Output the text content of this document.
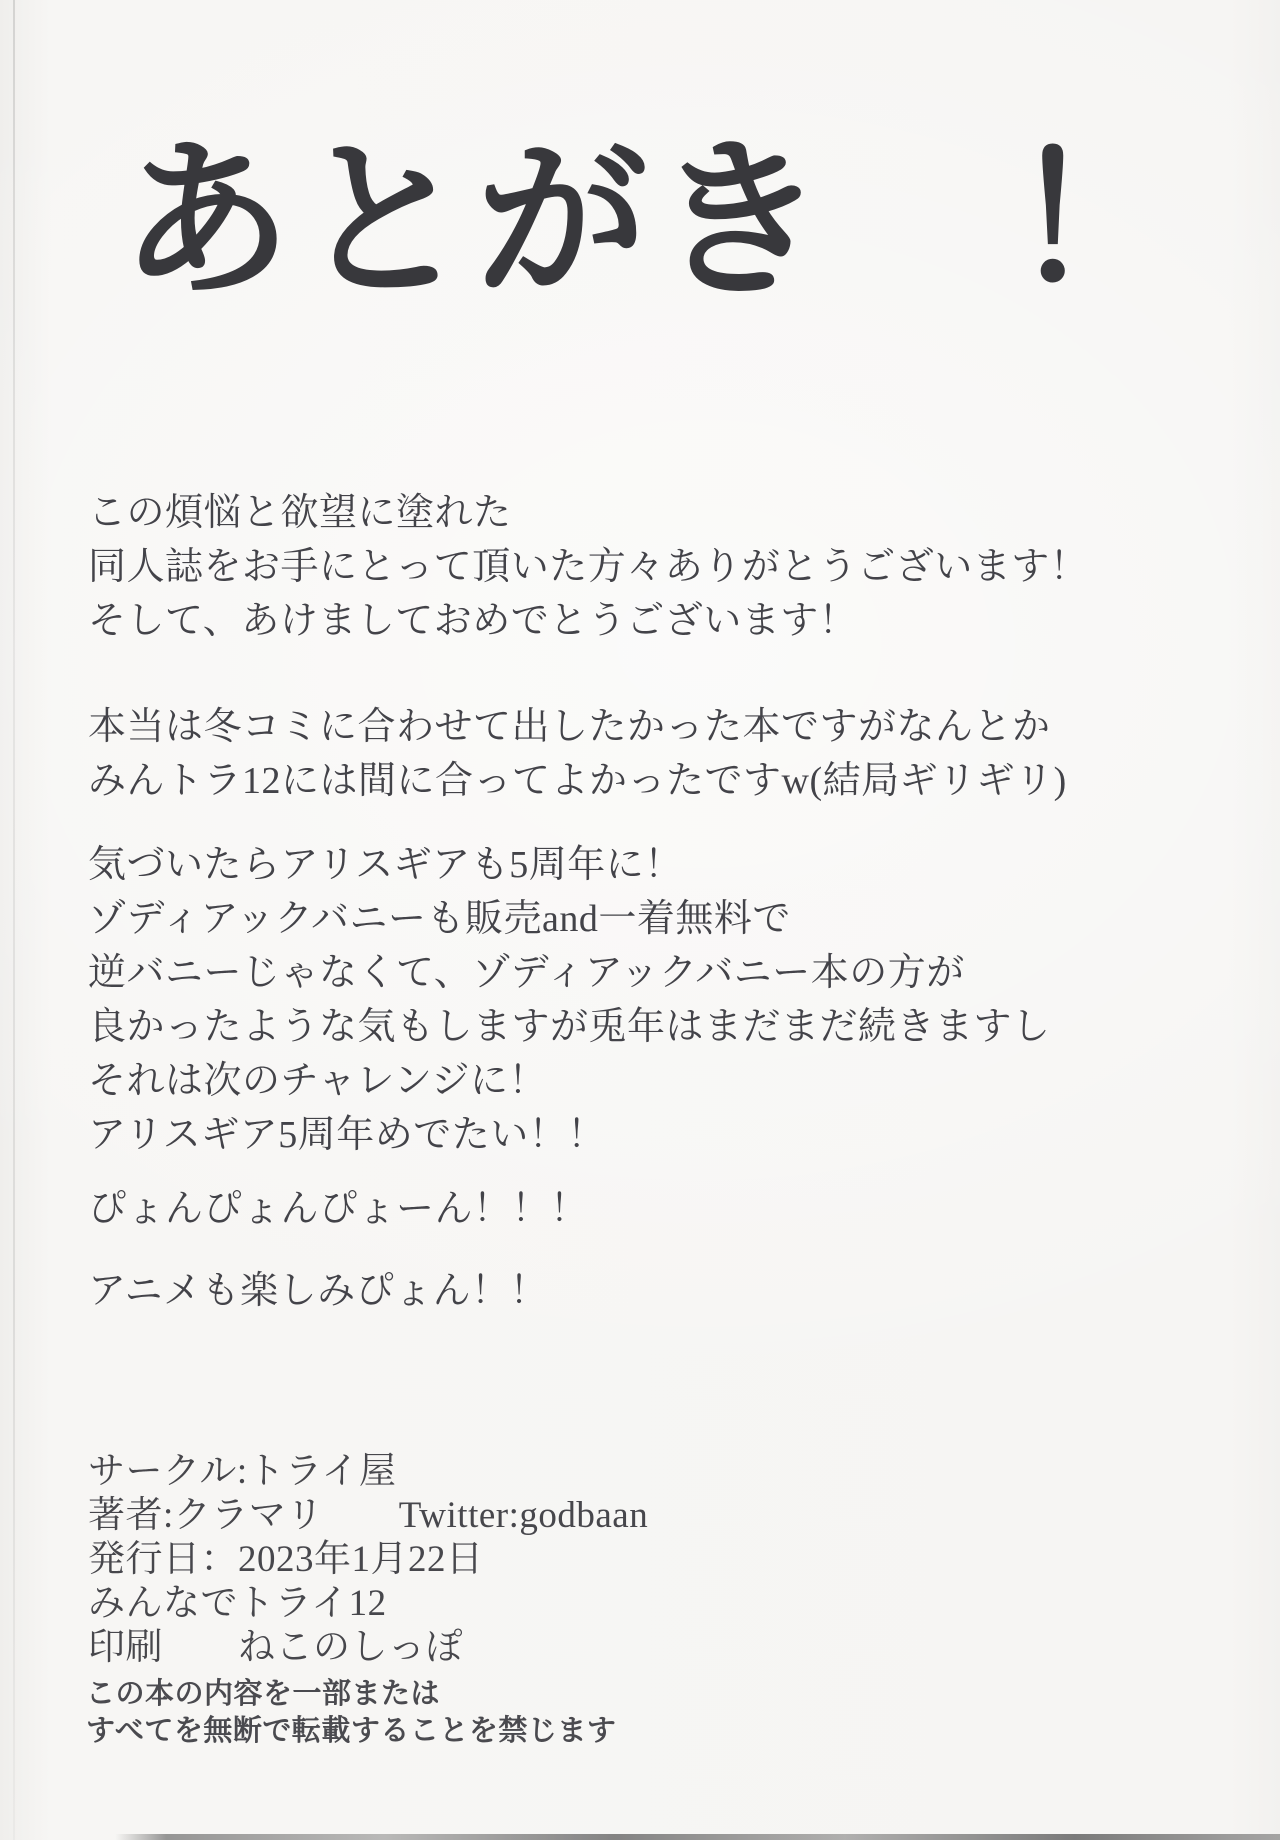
あとがき　！

この煩悩と欲望に塗れた
同人誌をお手にとって頂いた方々ありがとうございます！
そして、あけましておめでとうございます！

本当は冬コミに合わせて出したかった本ですがなんとか
みんトラ12には間に合ってよかったですw(結局ギリギリ)

気づいたらアリスギアも5周年に！
ゾディアックバニーも販売and一着無料で
逆バニーじゃなくて、ゾディアックバニー本の方が
良かったような気もしますが兎年はまだまだ続きますし
それは次のチャレンジに！
アリスギア5周年めでたい！！

ぴょんぴょんぴょーん！！！

アニメも楽しみぴょん！！

サークル:トライ屋
著者:クラマリ　　Twitter:godbaan
発行日：2023年1月22日
みんなでトライ12
印刷　　ねこのしっぽ
この本の内容を一部または
すべてを無断で転載することを禁じます
